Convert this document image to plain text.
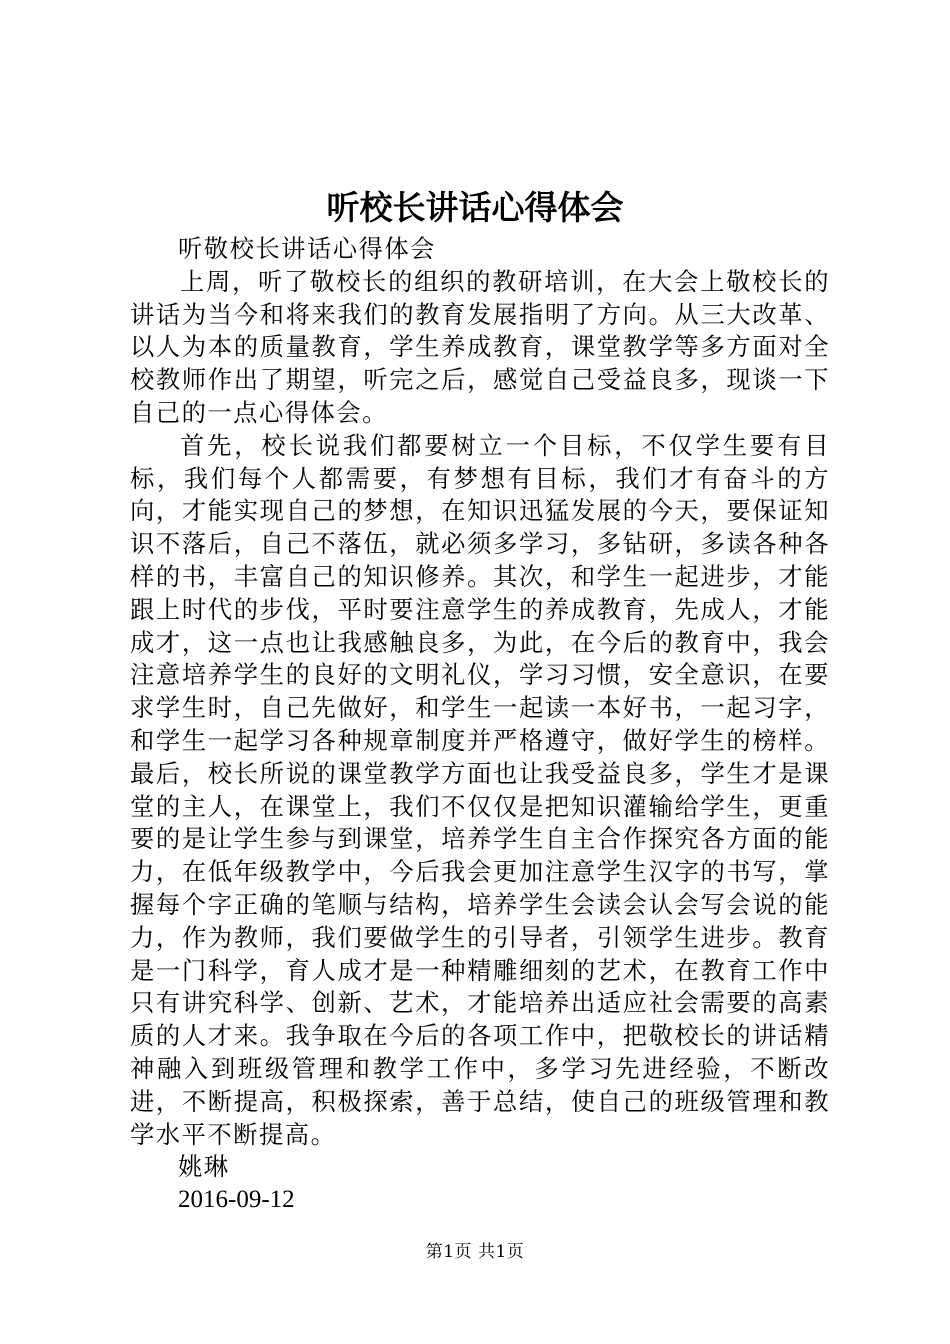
听校长讲话心得体会

听敬校长讲话心得体会

上周，听了敬校长的组织的教研培训，在大会上敬校长的讲话为当今和将来我们的教育发展指明了方向。从三大改革、以人为本的质量教育，学生养成教育，课堂教学等多方面对全校教师作出了期望，听完之后，感觉自己受益良多，现谈一下自己的一点心得体会。

首先，校长说我们都要树立一个目标，不仅学生要有目标，我们每个人都需要，有梦想有目标，我们才有奋斗的方向，才能实现自己的梦想，在知识迅猛发展的今天，要保证知识不落后，自己不落伍，就必须多学习，多钻研，多读各种各样的书，丰富自己的知识修养。其次，和学生一起进步，才能跟上时代的步伐，平时要注意学生的养成教育，先成人，才能成才，这一点也让我感触良多，为此，在今后的教育中，我会注意培养学生的良好的文明礼仪，学习习惯，安全意识，在要求学生时，自己先做好，和学生一起读一本好书，一起习字，和学生一起学习各种规章制度并严格遵守，做好学生的榜样。最后，校长所说的课堂教学方面也让我受益良多，学生才是课堂的主人，在课堂上，我们不仅仅是把知识灌输给学生，更重要的是让学生参与到课堂，培养学生自主合作探究各方面的能力，在低年级教学中，今后我会更加注意学生汉字的书写，掌握每个字正确的笔顺与结构，培养学生会读会认会写会说的能力，作为教师，我们要做学生的引导者，引领学生进步。教育是一门科学，育人成才是一种精雕细刻的艺术，在教育工作中只有讲究科学、创新、艺术，才能培养出适应社会需要的高素质的人才来。我争取在今后的各项工作中，把敬校长的讲话精神融入到班级管理和教学工作中，多学习先进经验，不断改进，不断提高，积极探索，善于总结，使自己的班级管理和教学水平不断提高。

姚琳

2016-09-12

第1页 共1页
